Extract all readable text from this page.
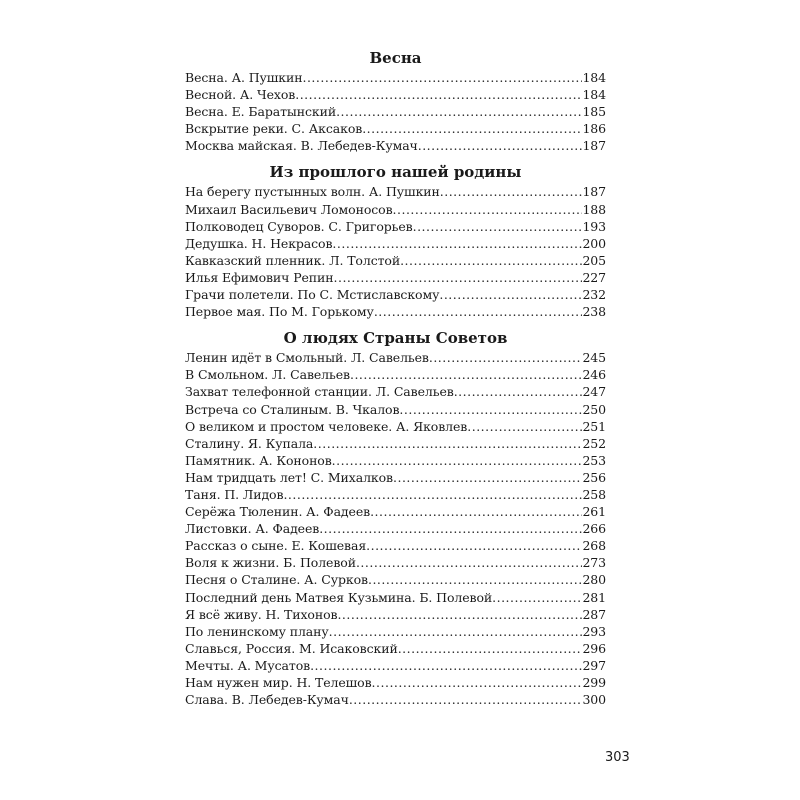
Весна
Весна. А. Пушкин .....	184
Весной. А. Чехов .....	184
Весна. Е. Баратынский .....	185
Вскрытие реки. С. Аксаков .....	186
Москва майская. В. Лебедев-Кумач .....	187
Из прошлого нашей родины
На берегу пустынных волн. А. Пушкин .....	187
Михаил Васильевич Ломоносов .....	188
Полководец Суворов. С. Григорьев .....	193
Дедушка. Н. Некрасов .....	200
Кавказский пленник. Л. Толстой .....	205
Илья Ефимович Репин .....	227
Грачи полетели. По С. Мстиславскому .....	232
Первое мая. По М. Горькому .....	238
О людях Страны Советов
Ленин идёт в Смольный. Л. Савельев .....	245
В Смольном. Л. Савельев .....	246
Захват телефонной станции. Л. Савельев .....	247
Встреча со Сталиным. В. Чкалов .....	250
О великом и простом человеке. А. Яковлев .....	251
Сталину. Я. Купала .....	252
Памятник. А. Кононов .....	253
Нам тридцать лет! С. Михалков .....	256
Таня. П. Лидов .....	258
Серёжа Тюленин. А. Фадеев .....	261
Листовки. А. Фадеев .....	266
Рассказ о сыне. Е. Кошевая .....	268
Воля к жизни. Б. Полевой .....	273
Песня о Сталине. А. Сурков .....	280
Последний день Матвея Кузьмина. Б. Полевой .....	281
Я всё живу. Н. Тихонов .....	287
По ленинскому плану .....	293
Славься, Россия. М. Исаковский .....	296
Мечты. А. Мусатов .....	297
Нам нужен мир. Н. Телешов .....	299
Слава. В. Лебедев-Кумач .....	300
303
